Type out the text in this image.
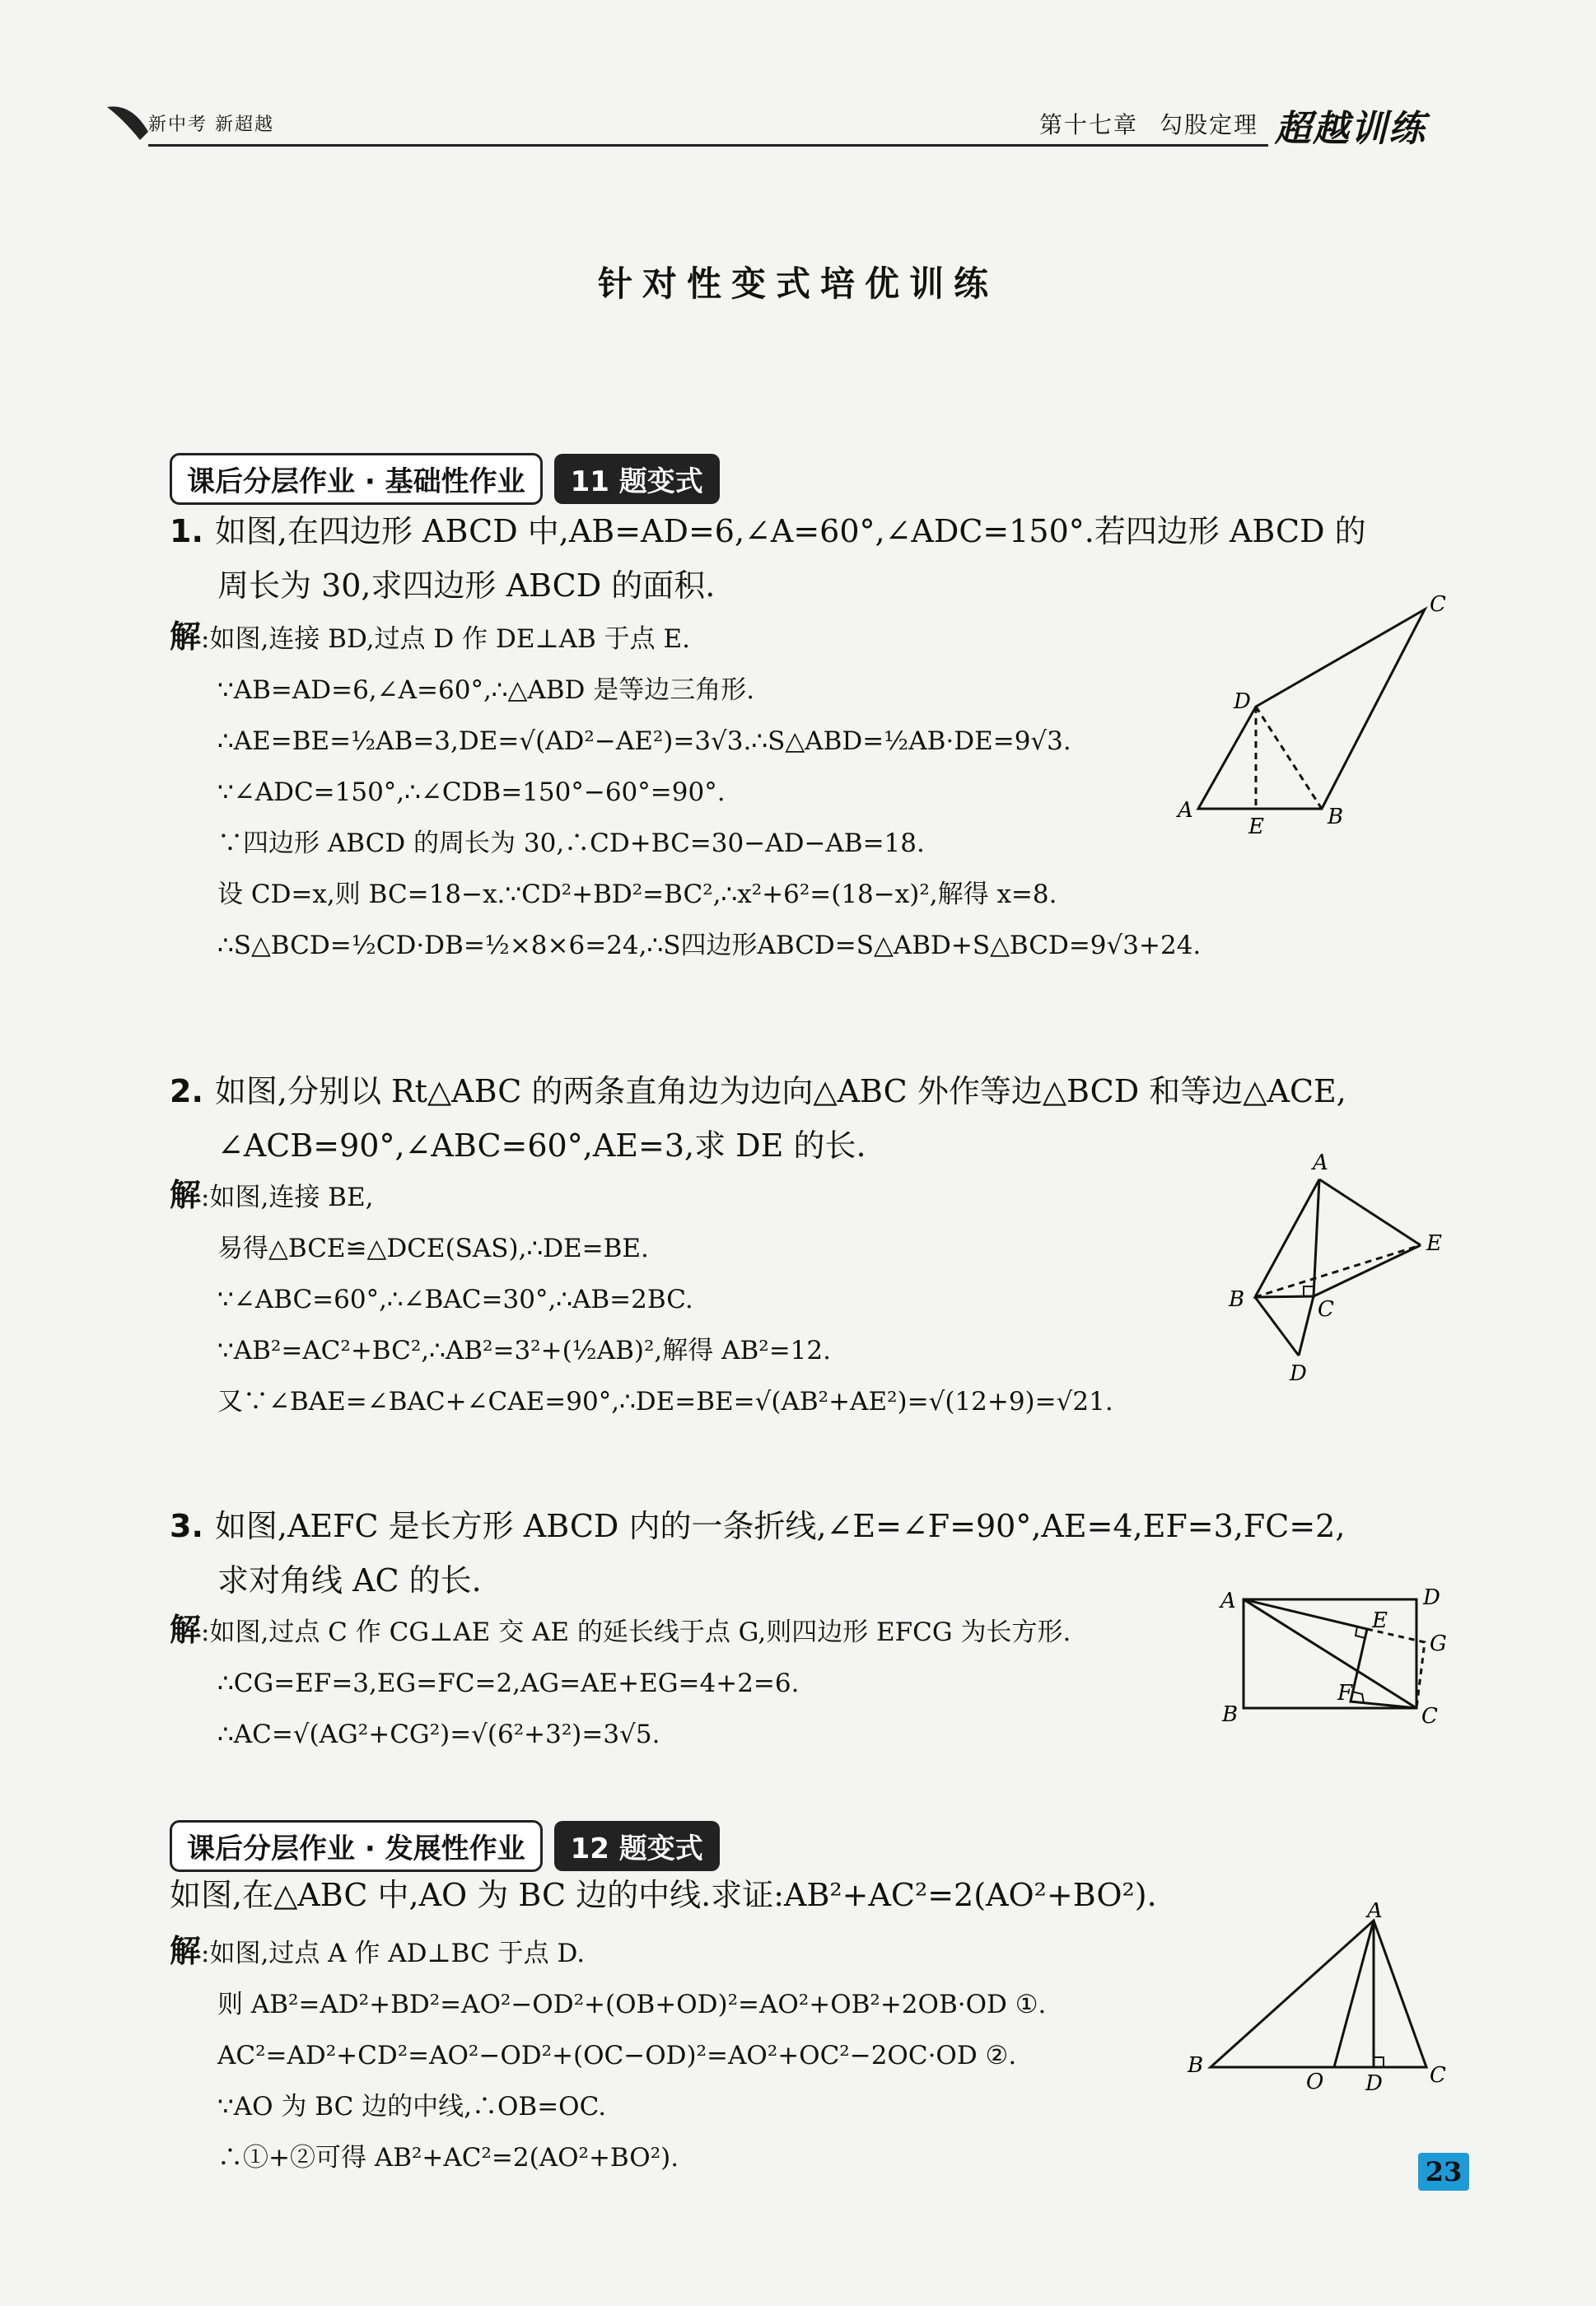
新中考 新超越	第十七章 勾股定理 超越训练
针对性变式培优训练
课后分层作业 · 基础性作业 11 题变式
1. 如图,在四边形 ABCD 中,AB=AD=6,∠A=60°,∠ADC=150°.若四边形 ABCD 的
周长为 30,求四边形 ABCD 的面积.
解:如图,连接 BD,过点 D 作 DE⊥AB 于点 E.
∵AB=AD=6,∠A=60°,∴△ABD 是等边三角形.
∴AE=BE=½AB=3,DE=√(AD²−AE²)=3√3.∴S△ABD=½AB·DE=9√3.
∵∠ADC=150°,∴∠CDB=150°−60°=90°.
∵四边形 ABCD 的周长为 30,∴CD+BC=30−AD−AB=18.
设 CD=x,则 BC=18−x.∵CD²+BD²=BC²,∴x²+6²=(18−x)²,解得 x=8.
∴S△BCD=½CD·DB=½×8×6=24,∴S四边形ABCD=S△ABD+S△BCD=9√3+24.
A	B
C
D
E
2. 如图,分别以 Rt△ABC 的两条直角边为边向△ABC 外作等边△BCD 和等边△ACE,
∠ACB=90°,∠ABC=60°,AE=3,求 DE 的长.
解:如图,连接 BE,
易得△BCE≌△DCE(SAS),∴DE=BE.
∵∠ABC=60°,∴∠BAC=30°,∴AB=2BC.
∵AB²=AC²+BC²,∴AB²=3²+(½AB)²,解得 AB²=12.
又∵∠BAE=∠BAC+∠CAE=90°,∴DE=BE=√(AB²+AE²)=√(12+9)=√21.
A
B	C
D
E
3. 如图,AEFC 是长方形 ABCD 内的一条折线,∠E=∠F=90°,AE=4,EF=3,FC=2,
求对角线 AC 的长.
解:如图,过点 C 作 CG⊥AE 交 AE 的延长线于点 G,则四边形 EFCG 为长方形.
∴CG=EF=3,EG=FC=2,AG=AE+EG=4+2=6.
∴AC=√(AG²+CG²)=√(6²+3²)=3√5.
A
B	C
D
E
F
G
课后分层作业 · 发展性作业 12 题变式
如图,在△ABC 中,AO 为 BC 边的中线.求证:AB²+AC²=2(AO²+BO²).
解:如图,过点 A 作 AD⊥BC 于点 D.
则 AB²=AD²+BD²=AO²−OD²+(OB+OD)²=AO²+OB²+2OB·OD ①.
AC²=AD²+CD²=AO²−OD²+(OC−OD)²=AO²+OC²−2OC·OD ②.
∵AO 为 BC 边的中线,∴OB=OC.
∴①+②可得 AB²+AC²=2(AO²+BO²).
A
B
O D C
23
